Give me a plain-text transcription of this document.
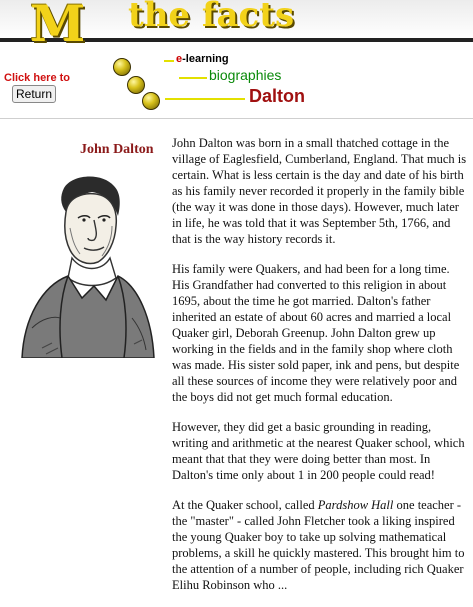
M the facts
e-learning
biographies
Dalton
Click here to
Return
John Dalton John Dalton was born in a small thatched cottage in the village of Eaglesfield, Cumberland, England. That much is certain. What is less certain is the day and date of his birth as his family never recorded it properly in the family bible (the way it was done in those days). However, much later in life, he was told that it was September 5th, 1766, and that is the way history records it.

His family were Quakers, and had been for a long time. His Grandfather had converted to this religion in about 1695, about the time he got married. Dalton's father inherited an estate of about 60 acres and married a local Quaker girl, Deborah Greenup. John Dalton grew up working in the fields and in the family shop where cloth was made. His sister sold paper, ink and pens, but despite all these sources of income they were relatively poor and the boys did not get much formal education.

However, they did get a basic grounding in reading, writing and arithmetic at the nearest Quaker school, which meant that that they were doing better than most. In Dalton's time only about 1 in 200 people could read!

At the Quaker school, called Pardshow Hall one teacher - the "master" - called John Fletcher took a liking inspired the young Quaker boy to take up solving mathematical problems, a skill he quickly mastered. This brought him to the attention of a number of people, including rich Quaker Elihu Robinson who ...
